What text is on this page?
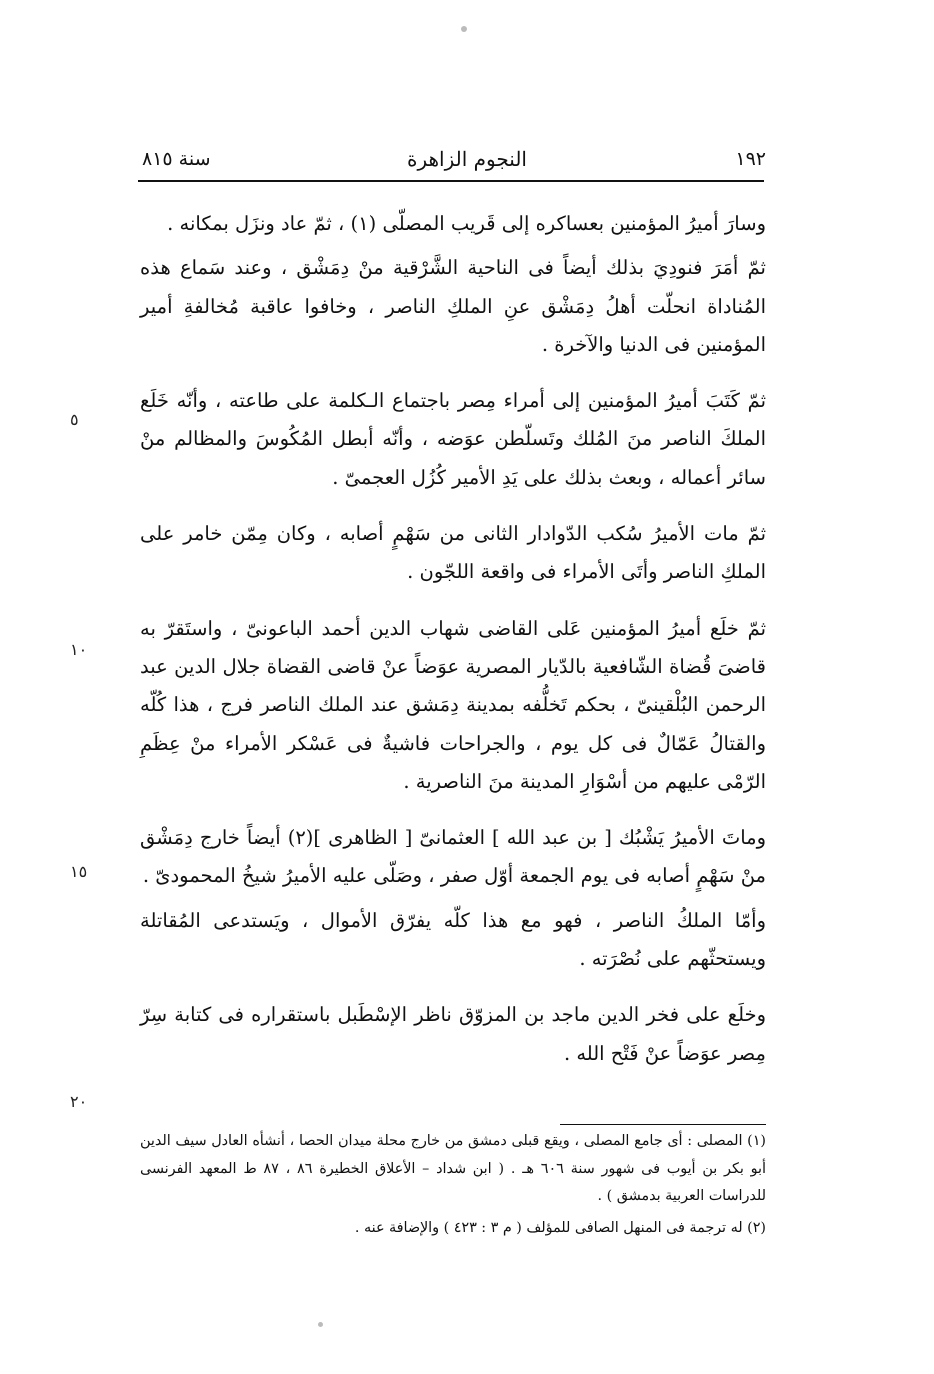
١٩٢
النجوم الزاهرة
سنة ٨١٥

وسارَ أميرُ المؤمنين بعساكره إلى قَريب المصلّى (١) ، ثمّ عاد ونزَل بمكانه .

ثمّ أمَرَ فنودِيَ بذلك أيضاً فى الناحية الشَّرْقية منْ دِمَشْق ، وعند سَماع هذه المُناداة انحلّت أهلُ دِمَشْق عنِ الملكِ الناصر ، وخافوا عاقبة مُخالفةِ أمير المؤمنين فى الدنيا والآخرة .

ثمّ كَتَبَ أميرُ المؤمنين إلى أمراء مِصر باجتماع الـكلمة على طاعته ، وأنّه خَلَع الملكَ الناصر منَ المُلك وتَسلّطن عوَضه ، وأنّه أبطل المُكُوسَ والمظالم منْ سائر أعماله ، وبعث بذلك على يَدِ الأمير كُزُل العجمىّ .

ثمّ مات الأميرُ سُكب الدّوادار الثانى من سَهْمٍ أصابه ، وكان مِمّن خامر على الملكِ الناصر وأتَى الأمراء فى واقعة اللجّون .

ثمّ خلَع أميرُ المؤمنين عَلى القاضى شهاب الدين أحمد الباعونىّ ، واستَقرّ به قاضىَ قُضاة الشّافعية بالدّيار المصرية عوَضاً عنْ قاضى القضاة جلال الدين عبد الرحمن البُلْقينىّ ، بحكم تَخلُّفه بمدينة دِمَشق عند الملك الناصر فرج ، هذا كُلّه والقتالُ عَمّالٌ فى كل يوم ، والجراحات فاشيةٌ فى عَسْكر الأمراء منْ عِظَمِ الرّمْى عليهم من أسْوَارِ المدينة منَ الناصرية .

وماتَ الأميرُ يَشْبُك [ بن عبد الله ] العثمانىّ [ الظاهرى ](٢) أيضاً خارج دِمَشْق منْ سَهْمٍ أصابه فى يوم الجمعة أوّل صفر ، وصَلّى عليه الأميرُ شيخُ المحمودىّ .

وأمّا الملكُ الناصر ، فهو مع هذا كلّه يفرّق الأموال ، ويَستدعى المُقاتلة ويستحثّهم على نُصْرَته .

وخلَع على فخر الدين ماجد بن المزوّق ناظر الإسْطَبل باستقراره فى كتابة سِرّ مِصر عوَضاً عنْ فَتْح الله .

٥
١٠
١٥
٢٠

(١) المصلى : أى جامع المصلى ، ويقع قبلى دمشق من خارج محلة ميدان الحصا ، أنشأه العادل سيف الدين أبو بكر بن أيوب فى شهور سنة ٦٠٦ هـ . ( ابن شداد – الأعلاق الخطيرة ٨٦ ، ٨٧ ط المعهد الفرنسى للدراسات العربية بدمشق ) .

(٢) له ترجمة فى المنهل الصافى للمؤلف ( م ٣ : ٤٢٣ ) والإضافة عنه .
